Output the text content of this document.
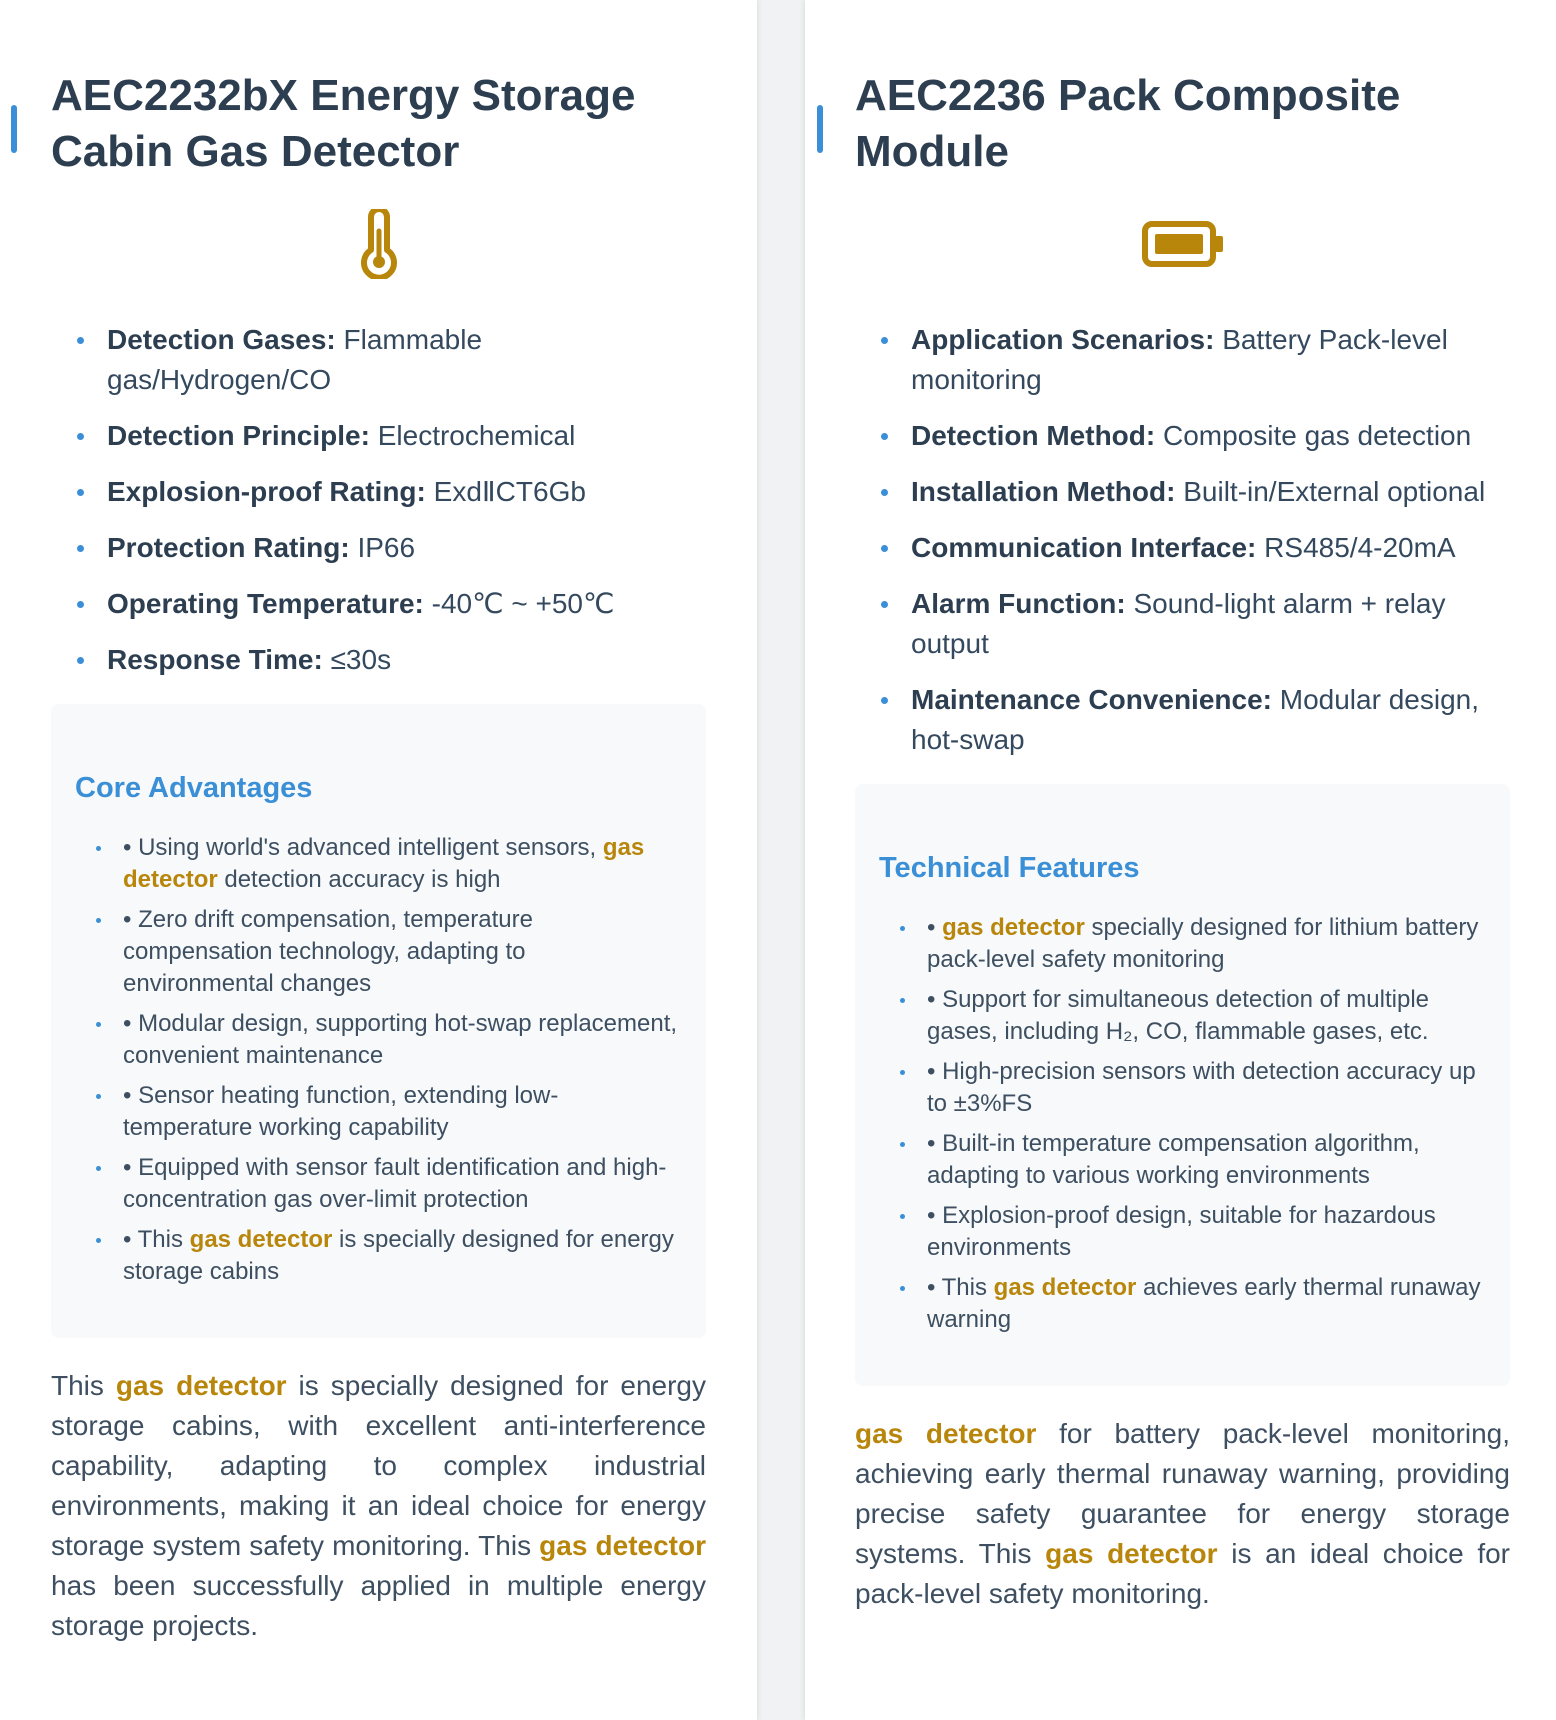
AEC2232bX Energy Storage Cabin Gas Detector
Detection Gases: Flammable gas/Hydrogen/CO
Detection Principle: Electrochemical
Explosion-proof Rating: ExdⅡCT6Gb
Protection Rating: IP66
Operating Temperature: -40℃ ~ +50℃
Response Time: ≤30s
Core Advantages
• Using world's advanced intelligent sensors, gas detector detection accuracy is high
• Zero drift compensation, temperature compensation technology, adapting to environmental changes
• Modular design, supporting hot-swap replacement, convenient maintenance
• Sensor heating function, extending low-temperature working capability
• Equipped with sensor fault identification and high-concentration gas over-limit protection
• This gas detector is specially designed for energy storage cabins

This gas detector is specially designed for energy storage cabins, with excellent anti-interference capability, adapting to complex industrial environments, making it an ideal choice for energy storage system safety monitoring. This gas detector has been successfully applied in multiple energy storage projects.

AEC2236 Pack Composite Module
Application Scenarios: Battery Pack-level monitoring
Detection Method: Composite gas detection
Installation Method: Built-in/External optional
Communication Interface: RS485/4-20mA
Alarm Function: Sound-light alarm + relay output
Maintenance Convenience: Modular design, hot-swap
Technical Features
• gas detector specially designed for lithium battery pack-level safety monitoring
• Support for simultaneous detection of multiple gases, including H₂, CO, flammable gases, etc.
• High-precision sensors with detection accuracy up to ±3%FS
• Built-in temperature compensation algorithm, adapting to various working environments
• Explosion-proof design, suitable for hazardous environments
• This gas detector achieves early thermal runaway warning

gas detector for battery pack-level monitoring, achieving early thermal runaway warning, providing precise safety guarantee for energy storage systems. This gas detector is an ideal choice for pack-level safety monitoring.
